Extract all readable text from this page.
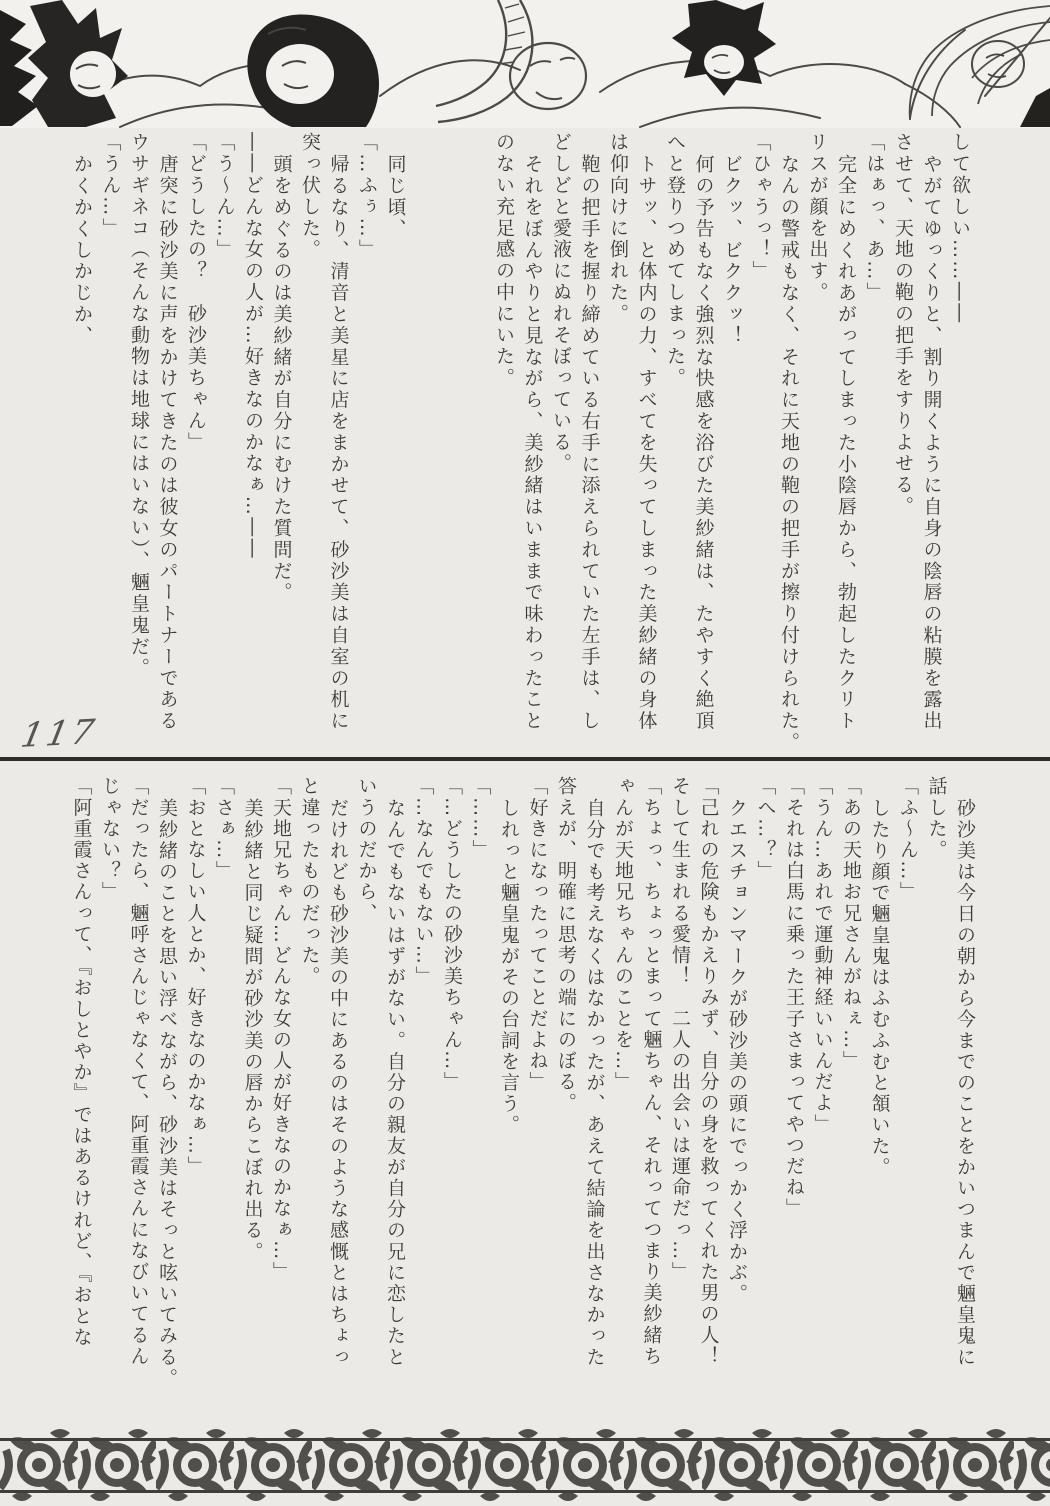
して欲しい……――
やがてゆっくりと、割り開くように自身の陰唇の粘膜を露出
させて、天地の鞄の把手をすりよせる。
「はぁっ、あ…」
完全にめくれあがってしまった小陰唇から、勃起したクリト
リスが顔を出す。
なんの警戒もなく、それに天地の鞄の把手が擦り付けられた。
「ひゃうっ！」
ビクッ、ビククッ！
何の予告もなく強烈な快感を浴びた美紗緒は、たやすく絶頂
へと登りつめてしまった。
トサッ、と体内の力、すべてを失ってしまった美紗緒の身体
は仰向けに倒れた。
鞄の把手を握り締めている右手に添えられていた左手は、し
どしどと愛液にぬれそぼっている。
それをぼんやりと見ながら、美紗緒はいままで味わったこと
のない充足感の中にいた。
同じ頃、
「…ふぅ…」
帰るなり、清音と美星に店をまかせて、砂沙美は自室の机に
突っ伏した。
頭をめぐるのは美紗緒が自分にむけた質問だ。
――どんな女の人が…好きなのかなぁ…――
「う〜ん…」
「どうしたの？　砂沙美ちゃん」
唐突に砂沙美に声をかけてきたのは彼女のパートナーである
ウサギネコ（そんな動物は地球にはいない）、魎皇鬼だ。
「うん…」
かくかくしかじか、
117
砂沙美は今日の朝から今までのことをかいつまんで魎皇鬼に
話した。
「ふ〜ん…」
したり顔で魎皇鬼はふむふむと頷いた。
「あの天地お兄さんがねぇ…」
「うん…あれで運動神経いいんだよ」
「それは白馬に乗った王子さまってやつだね」
「へ…？」
クエスチョンマークが砂沙美の頭にでっかく浮かぶ。
「己れの危険もかえりみず、自分の身を救ってくれた男の人！
そして生まれる愛情！　二人の出会いは運命だっ…」
「ちょっ、ちょっとまって魎ちゃん、それってつまり美紗緒ち
ゃんが天地兄ちゃんのことを…」
自分でも考えなくはなかったが、あえて結論を出さなかった
答えが、明確に思考の端にのぼる。
「好きになったってことだよね」
しれっと魎皇鬼がその台詞を言う。
「……」
「…どうしたの砂沙美ちゃん…」
「…なんでもない…」
なんでもないはずがない。自分の親友が自分の兄に恋したと
いうのだから、
だけれども砂沙美の中にあるのはそのような感慨とはちょっ
と違ったものだった。
「天地兄ちゃん…どんな女の人が好きなのかなぁ…」
美紗緒と同じ疑問が砂沙美の唇からこぼれ出る。
「さぁ…」
「おとなしい人とか、好きなのかなぁ…」
美紗緒のことを思い浮べながら、砂沙美はそっと呟いてみる。
「だったら、魎呼さんじゃなくて、阿重霞さんになびいてるん
じゃない？」
「阿重霞さんって、『おしとやか』ではあるけれど、『おとな
